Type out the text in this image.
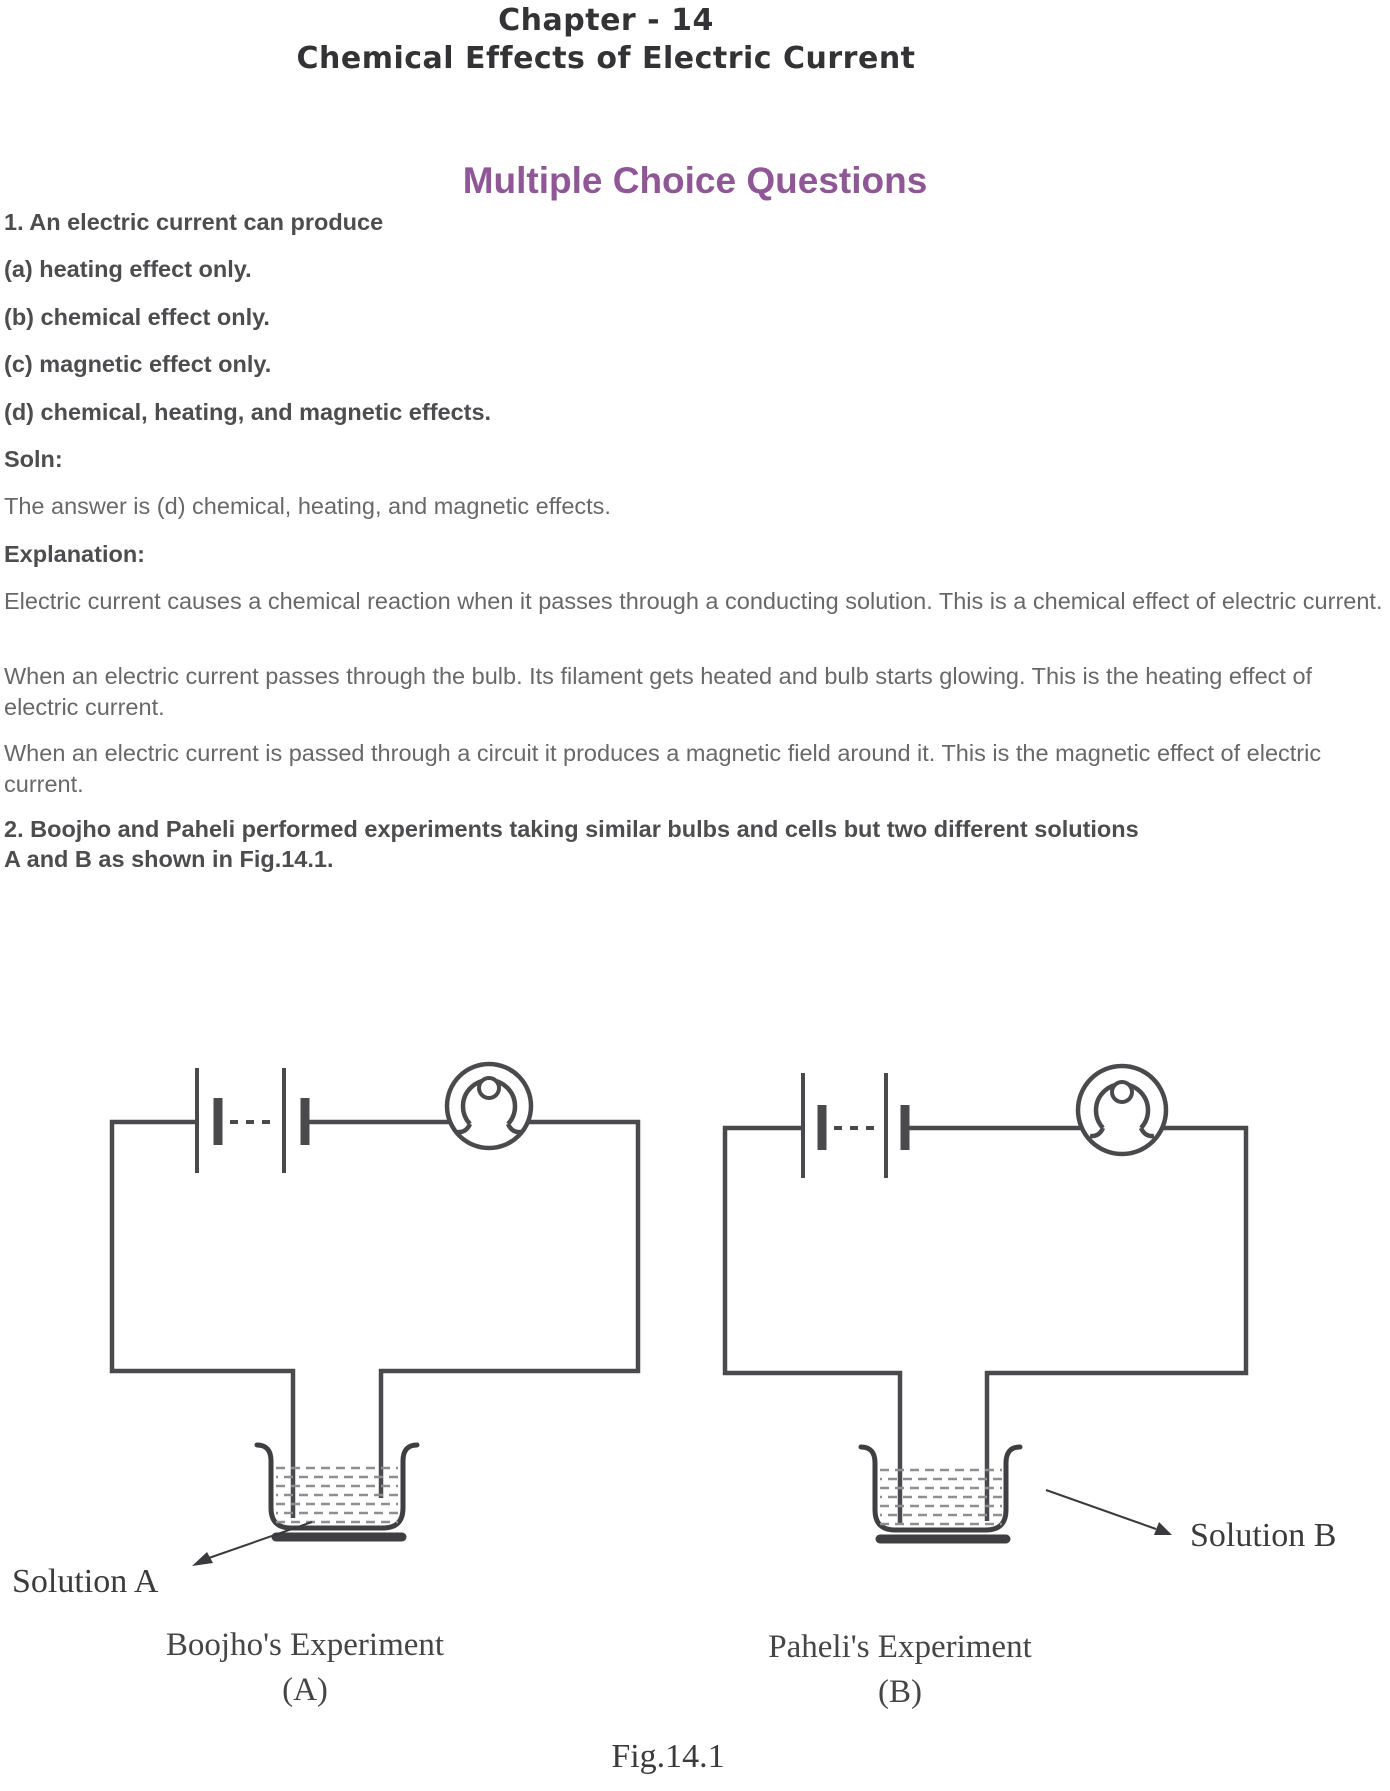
Chapter - 14
Chemical Effects of Electric Current
Multiple Choice Questions
1. An electric current can produce
(a) heating effect only.
(b) chemical effect only.
(c) magnetic effect only.
(d) chemical, heating, and magnetic effects.
Soln:
The answer is (d) chemical, heating, and magnetic effects.
Explanation:
Electric current causes a chemical reaction when it passes through a conducting solution. This is a chemical effect of electric current.
When an electric current passes through the bulb. Its filament gets heated and bulb starts glowing. This is the heating effect of electric current.
When an electric current is passed through a circuit it produces a magnetic field around it. This is the magnetic effect of electric current.
2. Boojho and Paheli performed experiments taking similar bulbs and cells but two different solutions A and B as shown in Fig.14.1.
Solution A
Solution B
Boojho's Experiment
(A)
Paheli's Experiment
(B)
Fig.14.1
